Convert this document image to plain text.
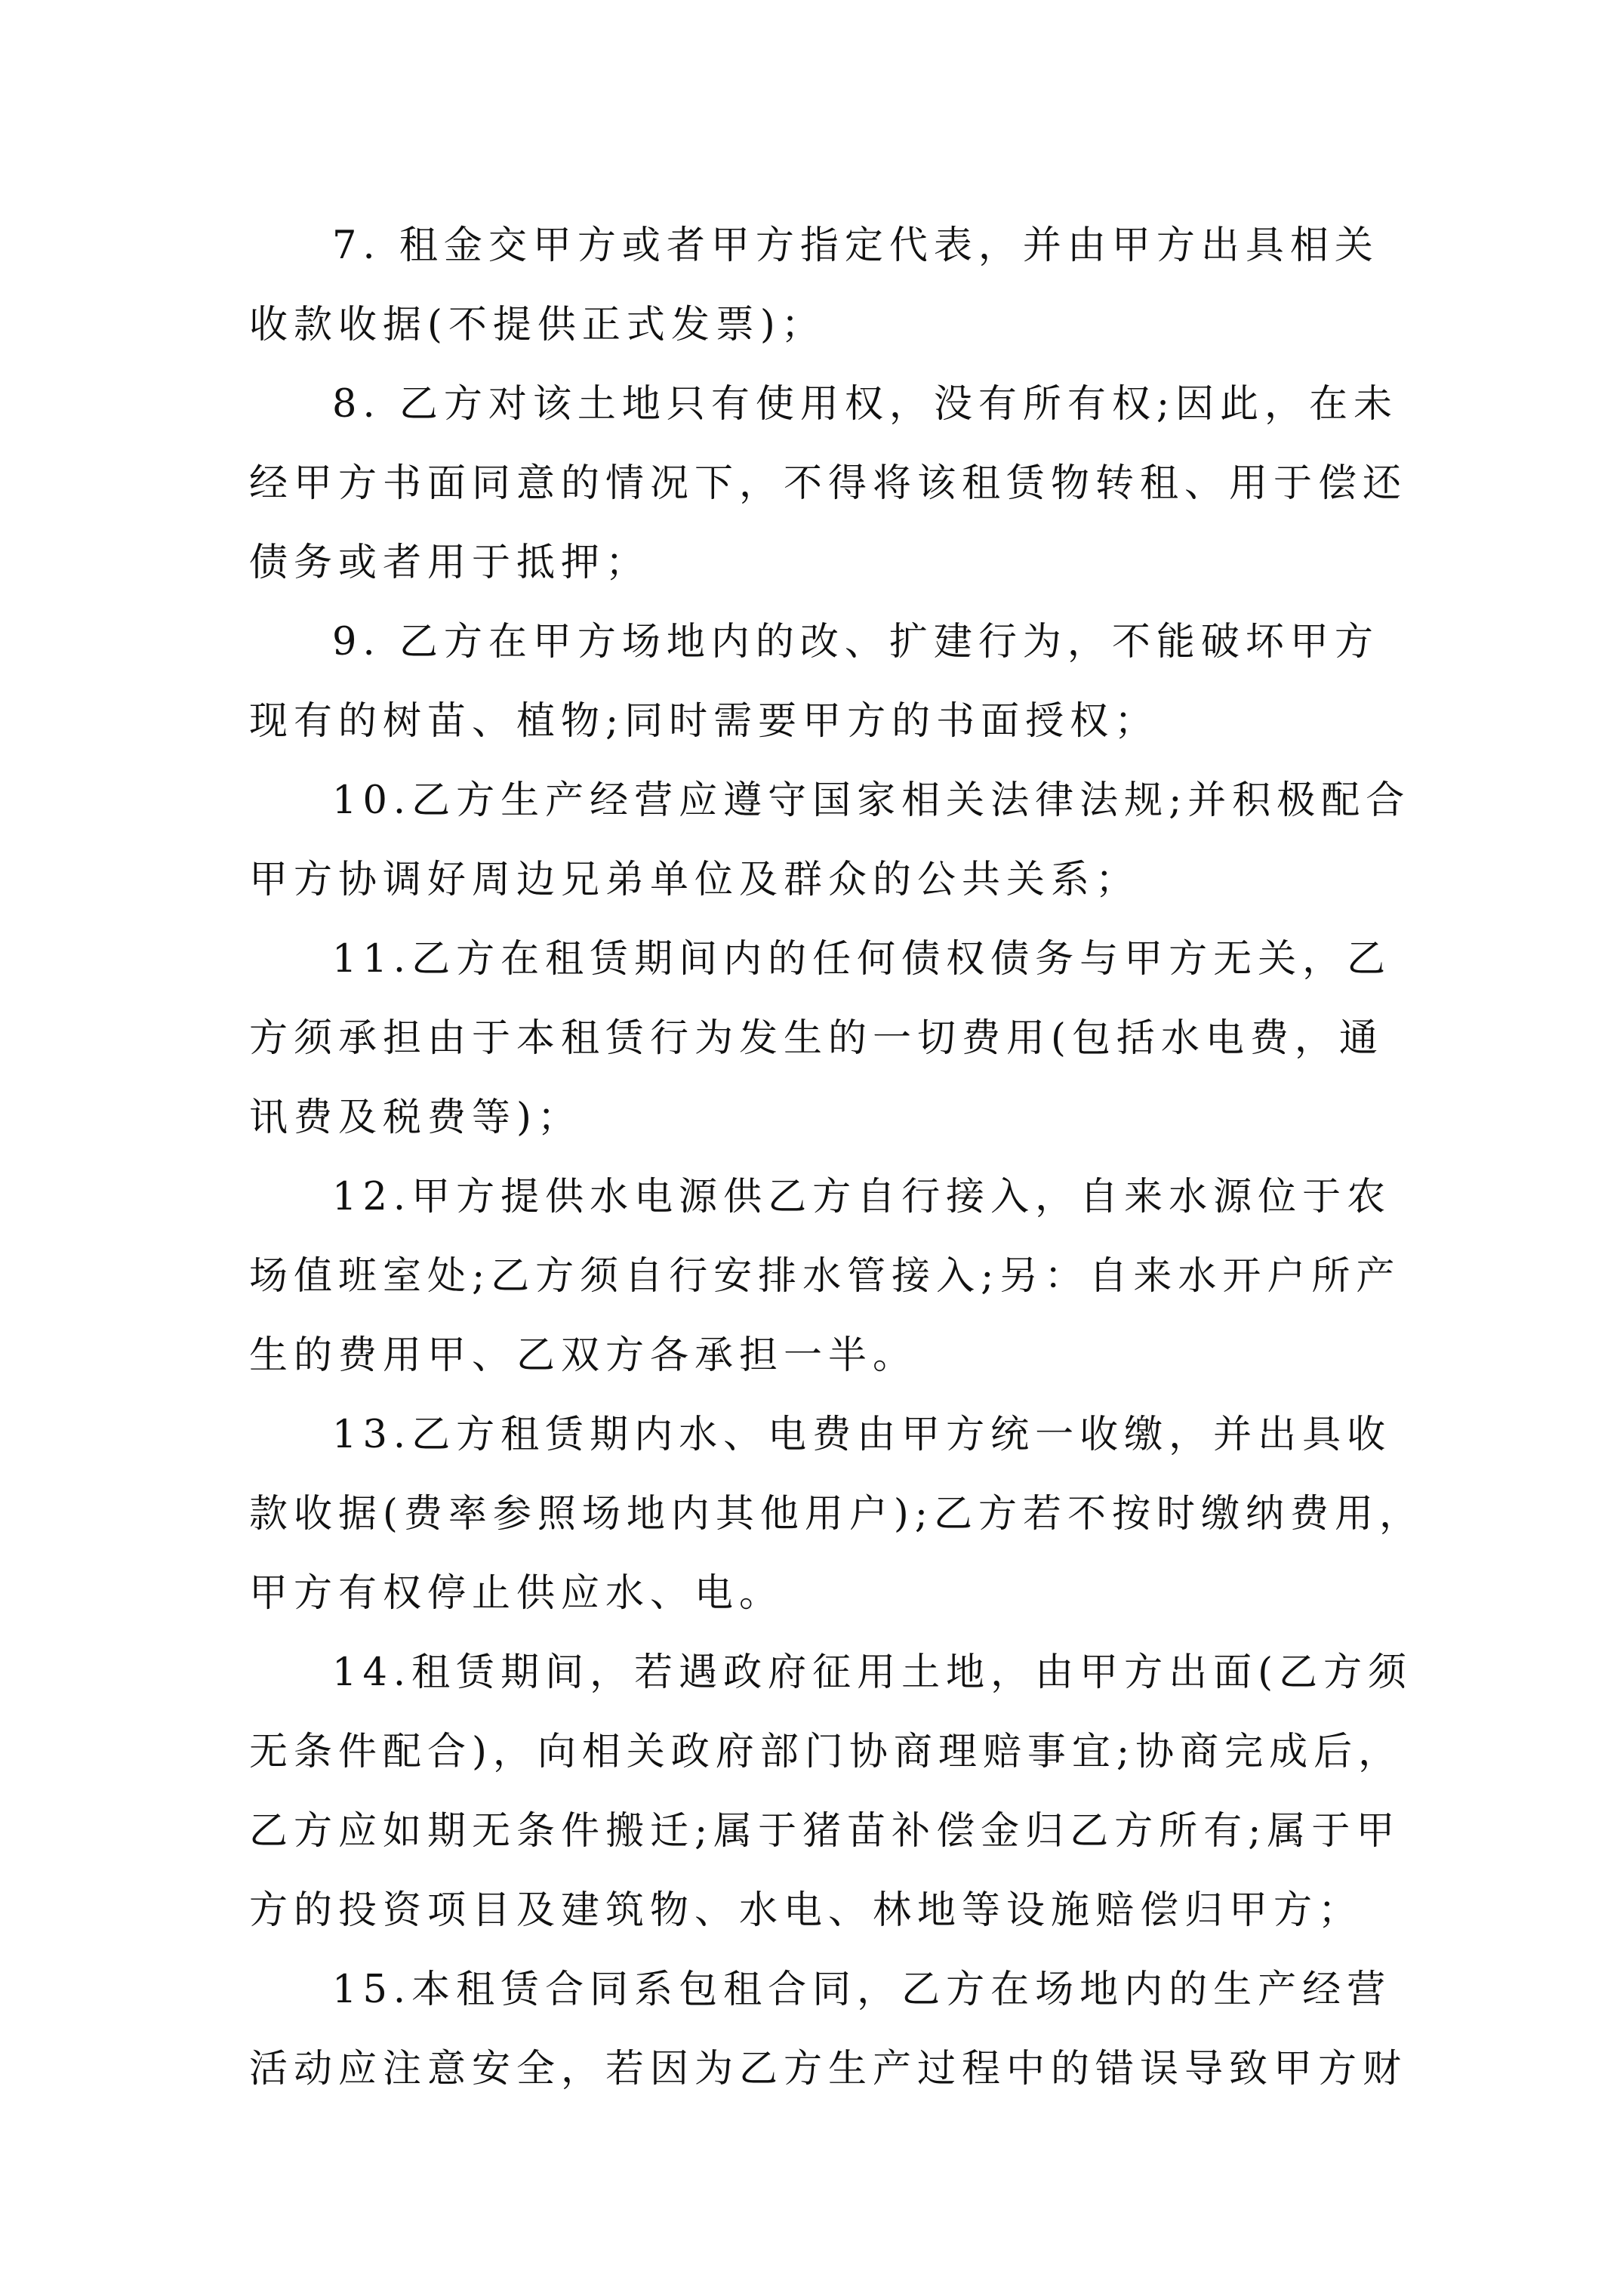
7. 租金交甲方或者甲方指定代表，并由甲方出具相关
收款收据(不提供正式发票)；
8. 乙方对该土地只有使用权，没有所有权;因此，在未
经甲方书面同意的情况下，不得将该租赁物转租、用于偿还
债务或者用于抵押；
9. 乙方在甲方场地内的改、扩建行为，不能破坏甲方
现有的树苗、植物;同时需要甲方的书面授权；
10.乙方生产经营应遵守国家相关法律法规;并积极配合
甲方协调好周边兄弟单位及群众的公共关系；
11.乙方在租赁期间内的任何债权债务与甲方无关，乙
方须承担由于本租赁行为发生的一切费用(包括水电费，通
讯费及税费等)；
12.甲方提供水电源供乙方自行接入，自来水源位于农
场值班室处;乙方须自行安排水管接入;另：自来水开户所产
生的费用甲、乙双方各承担一半。
13.乙方租赁期内水、电费由甲方统一收缴，并出具收
款收据(费率参照场地内其他用户);乙方若不按时缴纳费用，
甲方有权停止供应水、电。
14.租赁期间，若遇政府征用土地，由甲方出面(乙方须
无条件配合)，向相关政府部门协商理赔事宜;协商完成后，
乙方应如期无条件搬迁;属于猪苗补偿金归乙方所有;属于甲
方的投资项目及建筑物、水电、林地等设施赔偿归甲方；
15.本租赁合同系包租合同，乙方在场地内的生产经营
活动应注意安全，若因为乙方生产过程中的错误导致甲方财
